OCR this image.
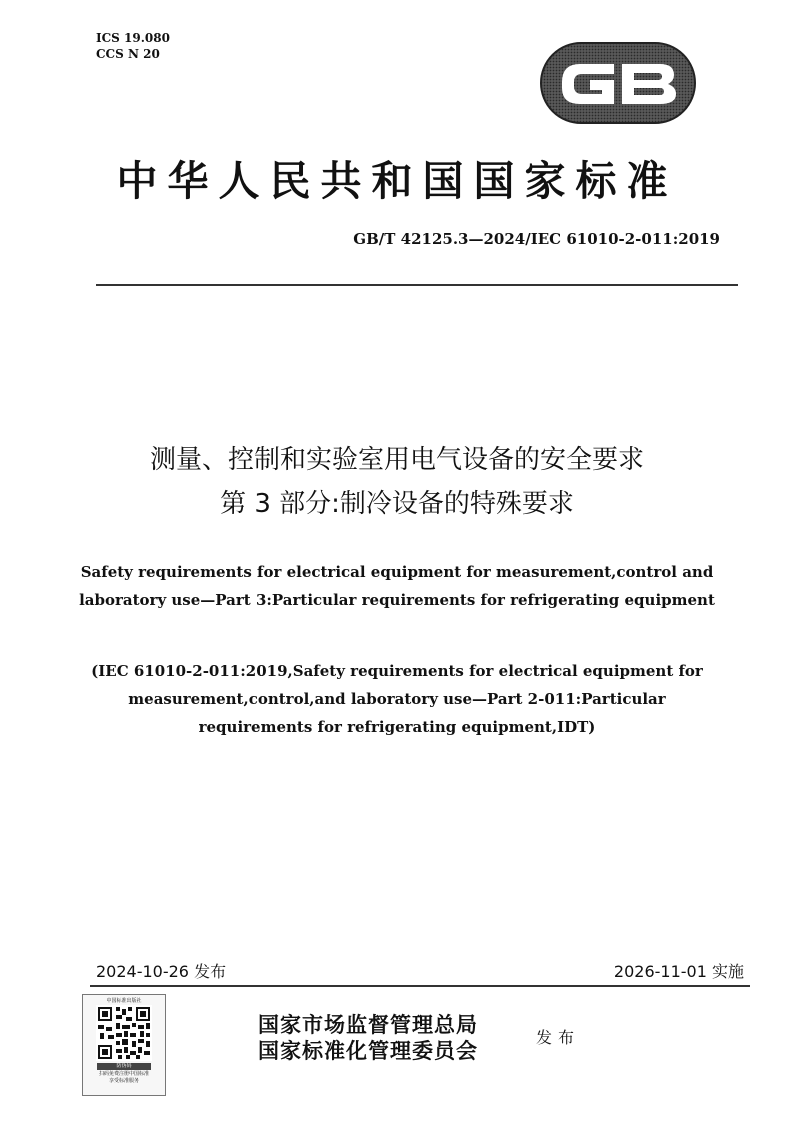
ICS 19.080
CCS N 20
中华人民共和国国家标准
GB/T 42125.3—2024/IEC 61010-2-011:2019
测量、控制和实验室用电气设备的安全要求
第 3 部分:制冷设备的特殊要求
Safety requirements for electrical equipment for measurement,control and
laboratory use—Part 3:Particular requirements for refrigerating equipment
(IEC 61010-2-011:2019,Safety requirements for electrical equipment for
measurement,control,and laboratory use—Part 2-011:Particular
requirements for refrigerating equipment,IDT)
2024-10-26 发布	2026-11-01 实施
中国标准出版社
防伪码
扫码免费注册中国标准
享受标准服务
国家市场监督管理总局
国家标准化管理委员会
发布
